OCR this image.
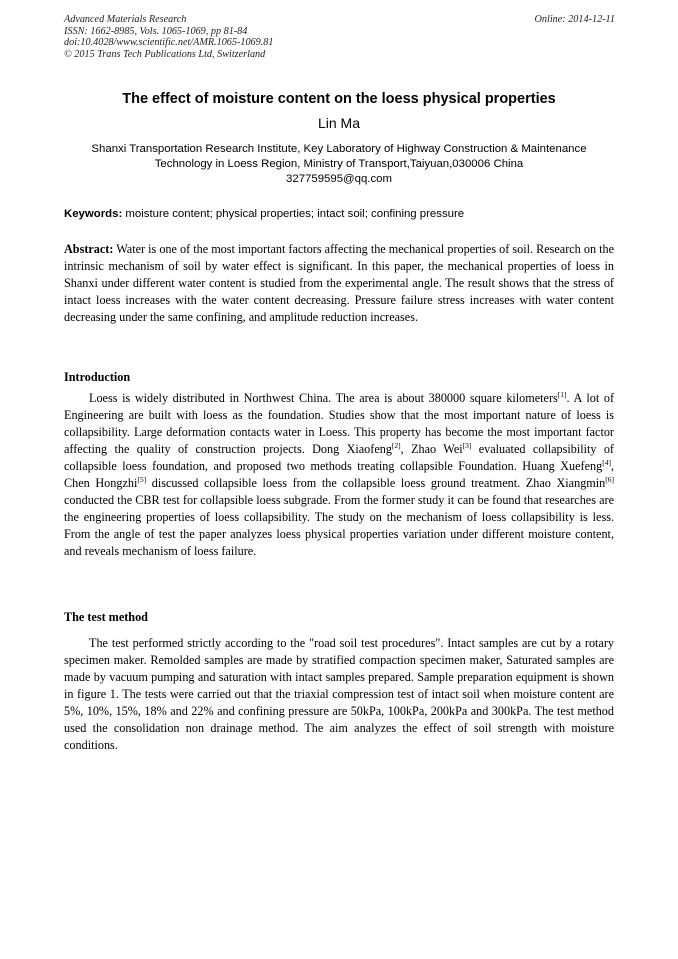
Advanced Materials Research
ISSN: 1662-8985, Vols. 1065-1069, pp 81-84
doi:10.4028/www.scientific.net/AMR.1065-1069.81
© 2015 Trans Tech Publications Ltd, Switzerland
Online: 2014-12-11
The effect of moisture content on the loess physical properties
Lin Ma
Shanxi Transportation Research Institute, Key Laboratory of Highway Construction & Maintenance
Technology in Loess Region, Ministry of Transport,Taiyuan,030006 China
327759595@qq.com
Keywords: moisture content; physical properties; intact soil; confining pressure

Abstract: Water is one of the most important factors affecting the mechanical properties of soil. Research on the intrinsic mechanism of soil by water effect is significant. In this paper, the mechanical properties of loess in Shanxi under different water content is studied from the experimental angle. The result shows that the stress of intact loess increases with the water content decreasing. Pressure failure stress increases with water content decreasing under the same confining, and amplitude reduction increases.

Introduction

Loess is widely distributed in Northwest China. The area is about 380000 square kilometers[1]. A lot of Engineering are built with loess as the foundation. Studies show that the most important nature of loess is collapsibility. Large deformation contacts water in Loess. This property has become the most important factor affecting the quality of construction projects. Dong Xiaofeng[2], Zhao Wei[3] evaluated collapsibility of collapsible loess foundation, and proposed two methods treating collapsible Foundation. Huang Xuefeng[4], Chen Hongzhi[5] discussed collapsible loess from the collapsible loess ground treatment. Zhao Xiangmin[6] conducted the CBR test for collapsible loess subgrade. From the former study it can be found that researches are the engineering properties of loess collapsibility. The study on the mechanism of loess collapsibility is less. From the angle of test the paper analyzes loess physical properties variation under different moisture content, and reveals mechanism of loess failure.

The test method

The test performed strictly according to the "road soil test procedures". Intact samples are cut by a rotary specimen maker. Remolded samples are made by stratified compaction specimen maker, Saturated samples are made by vacuum pumping and saturation with intact samples prepared. Sample preparation equipment is shown in figure 1. The tests were carried out that the triaxial compression test of intact soil when moisture content are 5%, 10%, 15%, 18% and 22% and confining pressure are 50kPa, 100kPa, 200kPa and 300kPa. The test method used the consolidation non drainage method. The aim analyzes the effect of soil strength with moisture conditions.
